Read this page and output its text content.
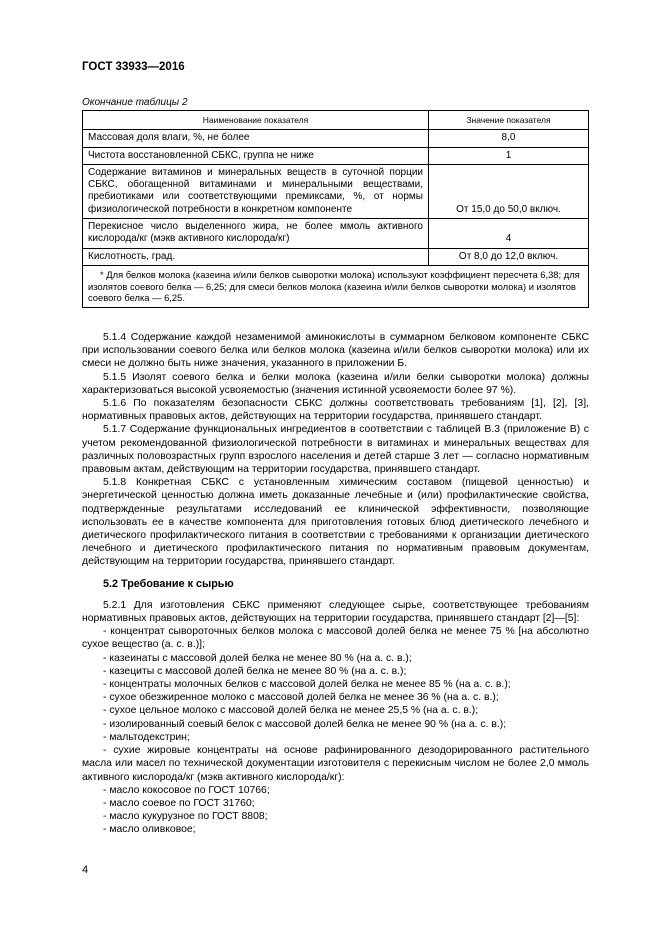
ГОСТ 33933—2016
Окончание таблицы 2
Наименование показателя	Значение показателя
Массовая доля влаги, %, не более	8,0
Чистота восстановленной СБКС, группа не ниже	1
Содержание витаминов и минеральных веществ в суточной порции СБКС, обогащенной витаминами и минеральными веществами, пребиотиками или соответствующими премиксами, %, от нормы физиологической потребности в конкретном компоненте	От 15,0 до 50,0 включ.
Перекисное число выделенного жира, не более ммоль активного кислорода/кг (мэкв активного кислорода/кг)	4
Кислотность, град.	От 8,0 до 12,0 включ.

* Для белков молока (казеина и/или белков сыворотки молока) используют коэффициент пересчета 6,38; для изолятов соевого белка — 6,25; для смеси белков молока (казеина и/или белков сыворотки молока) и изолятов соевого белка — 6,25.	

5.1.4 Содержание каждой незаменимой аминокислоты в суммарном белковом компоненте СБКС при использовании соевого белка или белков молока (казеина и/или белков сыворотки молока) или их смеси не должно быть ниже значения, указанного в приложении Б.

5.1.5 Изолят соевого белка и белки молока (казеина и/или белки сыворотки молока) должны характеризоваться высокой усвояемостью (значения истинной усвояемости более 97 %).

5.1.6 По показателям безопасности СБКС должны соответствовать требованиям [1], [2], [3], нормативных правовых актов, действующих на территории государства, принявшего стандарт.

5.1.7 Содержание функциональных ингредиентов в соответствии с таблицей В.3 (приложение В) с учетом рекомендованной физиологической потребности в витаминах и минеральных веществах для различных половозрастных групп взрослого населения и детей старше 3 лет — согласно нормативным правовым актам, действующим на территории государства, принявшего стандарт.

5.1.8 Конкретная СБКС с установленным химическим составом (пищевой ценностью) и энергетической ценностью должна иметь доказанные лечебные и (или) профилактические свойства, подтвержденные результатами исследований ее клинической эффективности, позволяющие использовать ее в качестве компонента для приготовления готовых блюд диетического лечебного и диетического профилактического питания в соответствии с требованиями к организации диетического лечебного и диетического профилактического питания по нормативным правовым документам, действующим на территории государства, принявшего стандарт.

5.2 Требование к сырью

5.2.1 Для изготовления СБКС применяют следующее сырье, соответствующее требованиям нормативных правовых актов, действующих на территории государства, принявшего стандарт [2]—[5]:

- концентрат сывороточных белков молока с массовой долей белка не менее 75 % [на абсолютно сухое вещество (а. с. в.)];
- казеинаты с массовой долей белка не менее 80 % (на а. с. в.);
- казециты с массовой долей белка не менее 80 % (на а. с. в.);
- концентраты молочных белков с массовой долей белка не менее 85 % (на а. с. в.);
- сухое обезжиренное молоко с массовой долей белка не менее 36 % (на а. с. в.);
- сухое цельное молоко с массовой долей белка не менее 25,5 % (на а. с. в.);
- изолированный соевый белок с массовой долей белка не менее 90 % (на а. с. в.);
- мальтодекстрин;
- сухие жировые концентраты на основе рафинированного дезодорированного растительного масла или масел по технической документации изготовителя с перекисным числом не более 2,0 ммоль активного кислорода/кг (мэкв активного кислорода/кг):
- масло кокосовое по ГОСТ 10766;
- масло соевое по ГОСТ 31760;
- масло кукурузное по ГОСТ 8808;
- масло оливковое;
4
